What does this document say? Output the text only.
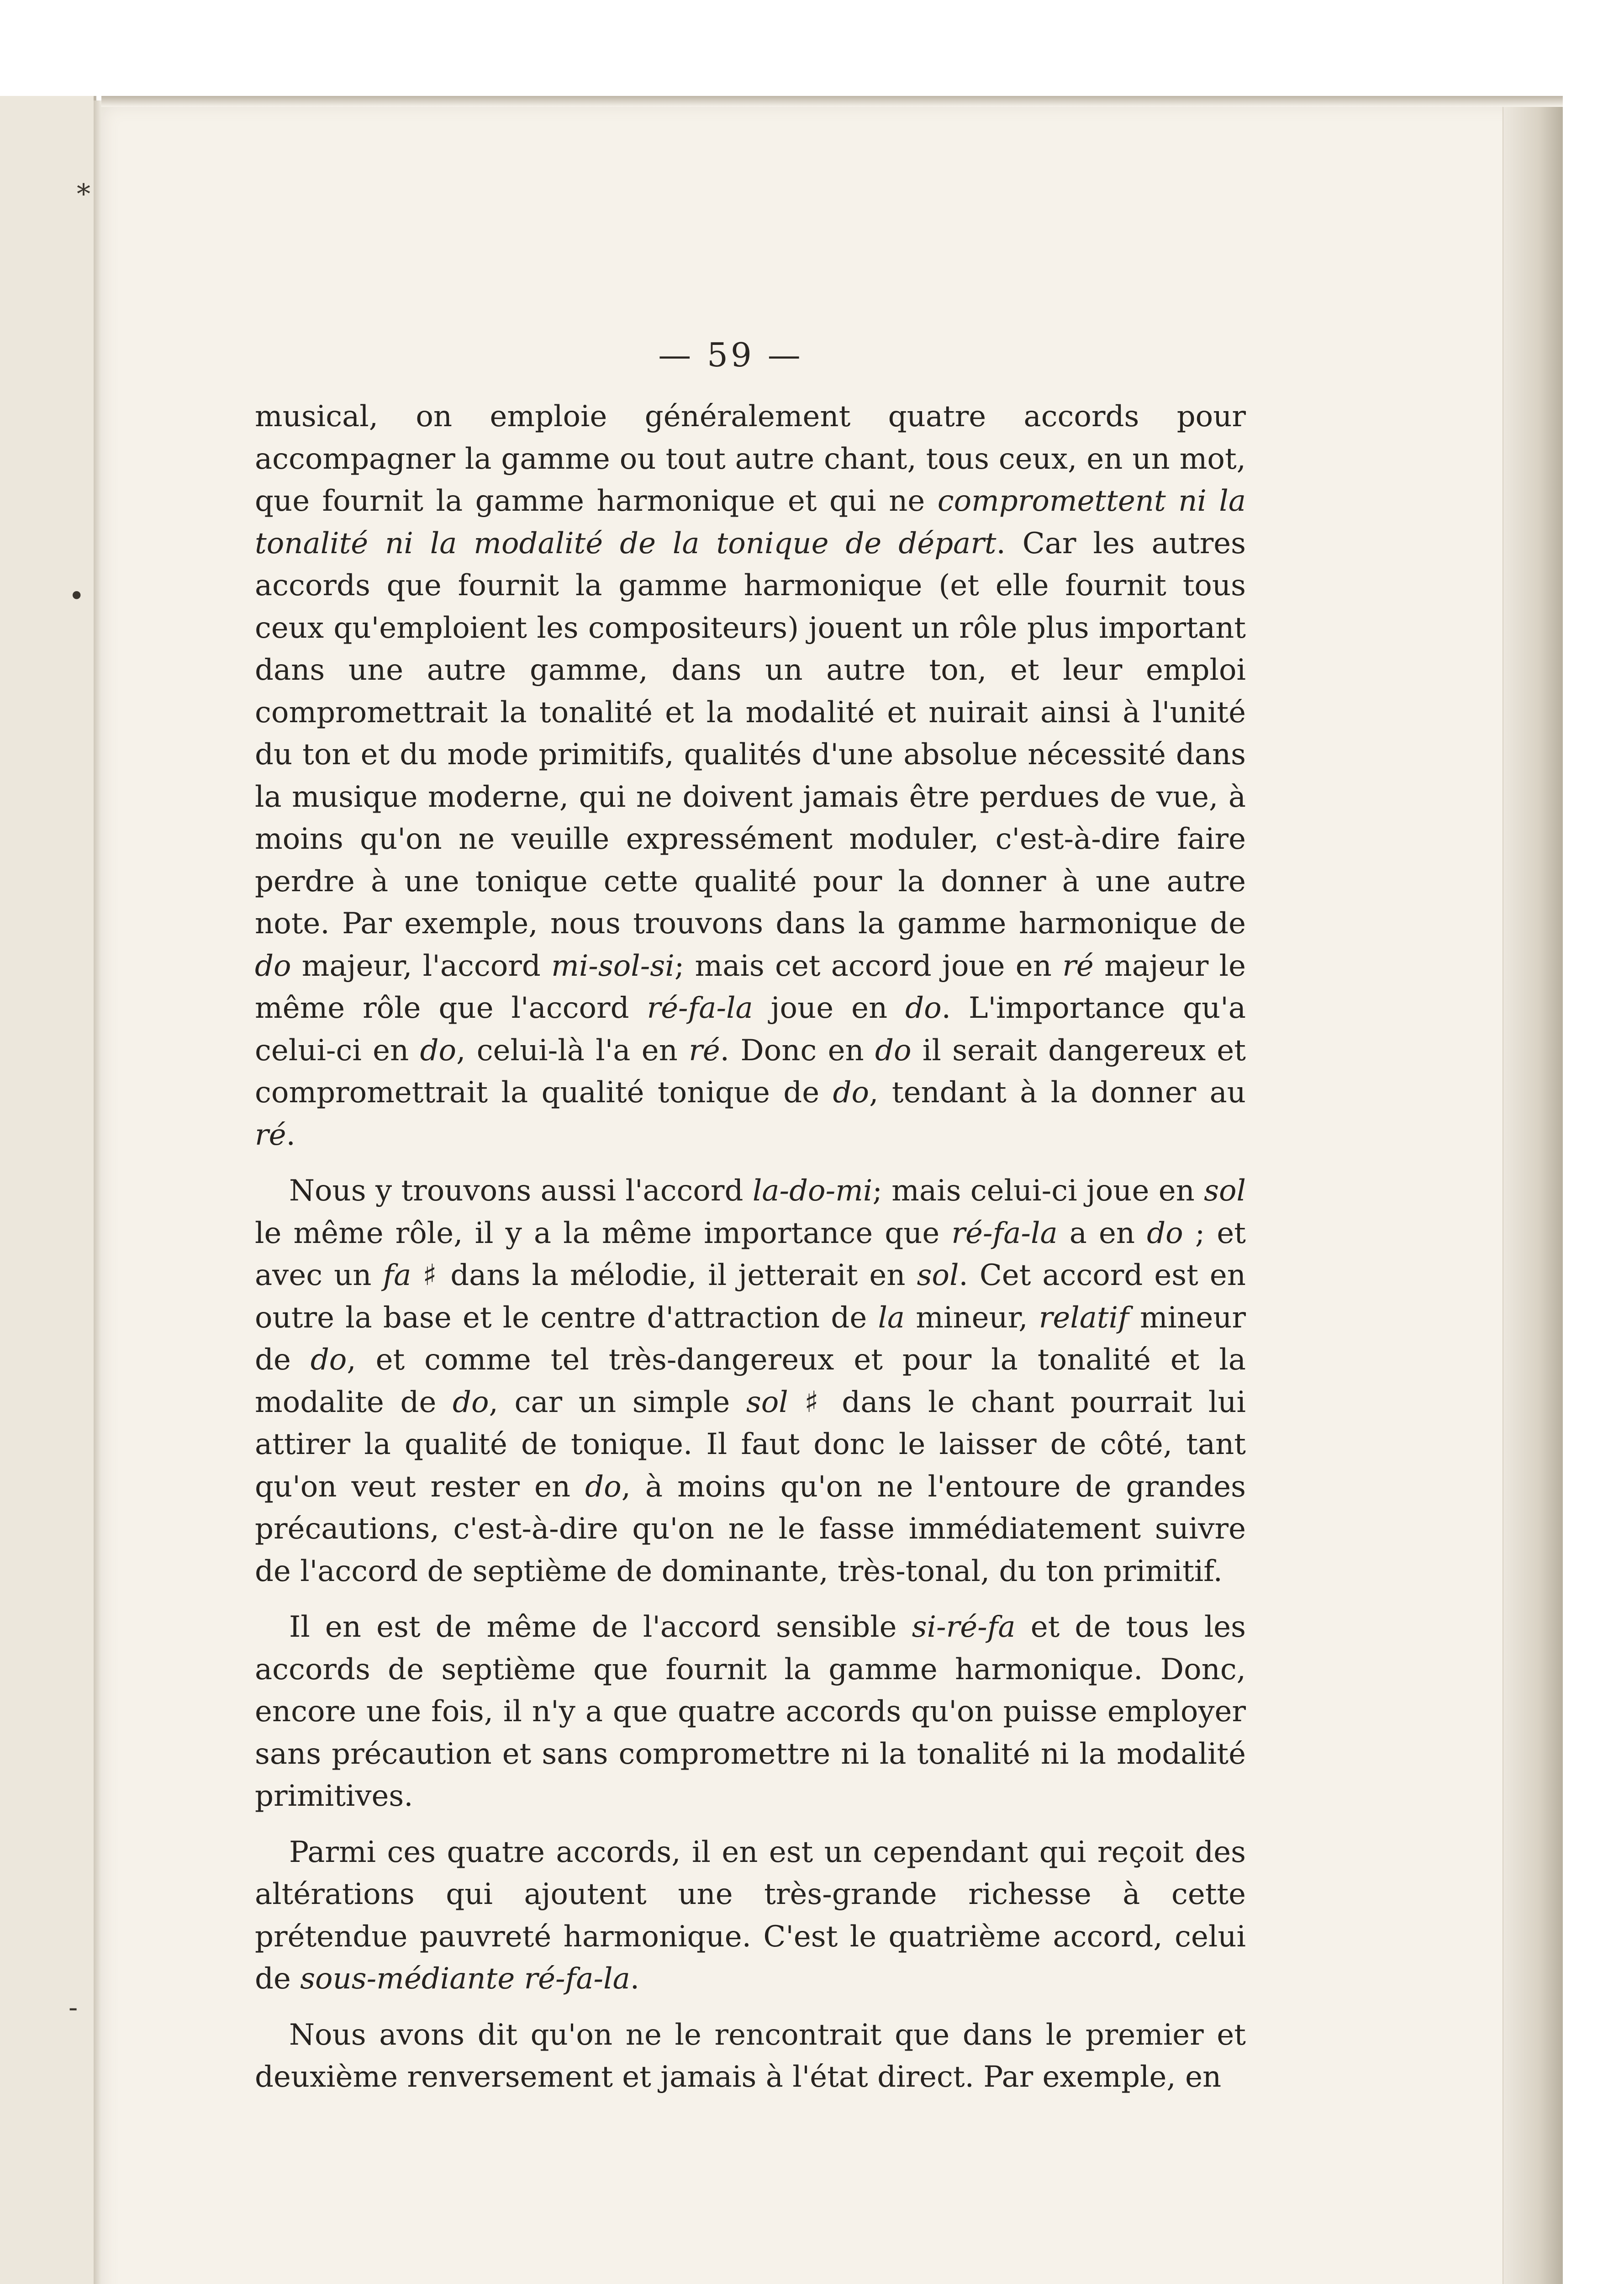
*
•
-
— 59 —

musical, on emploie généralement quatre accords pour accompagner la gamme ou tout autre chant, tous ceux, en un mot, que fournit la gamme harmonique et qui ne compromettent ni la tonalité ni la modalité de la tonique de départ. Car les autres accords que fournit la gamme harmonique (et elle fournit tous ceux qu'emploient les compositeurs) jouent un rôle plus important dans une autre gamme, dans un autre ton, et leur emploi compromettrait la tonalité et la modalité et nuirait ainsi à l'unité du ton et du mode primitifs, qualités d'une absolue nécessité dans la musique moderne, qui ne doivent jamais être perdues de vue, à moins qu'on ne veuille expressément moduler, c'est-à-dire faire perdre à une tonique cette qualité pour la donner à une autre note. Par exemple, nous trouvons dans la gamme harmonique de do majeur, l'accord mi-sol-si; mais cet accord joue en ré majeur le même rôle que l'accord ré-fa-la joue en do. L'importance qu'a celui-ci en do, celui-là l'a en ré. Donc en do il serait dangereux et compromettrait la qualité tonique de do, tendant à la donner au ré.

Nous y trouvons aussi l'accord la-do-mi; mais celui-ci joue en sol le même rôle, il y a la même importance que ré-fa-la a en do ; et avec un fa ♯ dans la mélodie, il jetterait en sol. Cet accord est en outre la base et le centre d'attraction de la mineur, relatif mineur de do, et comme tel très-dangereux et pour la tonalité et la modalite de do, car un simple sol ♯ dans le chant pourrait lui attirer la qualité de tonique. Il faut donc le laisser de côté, tant qu'on veut rester en do, à moins qu'on ne l'entoure de grandes précautions, c'est-à-dire qu'on ne le fasse immédiatement suivre de l'accord de septième de dominante, très-tonal, du ton primitif.

Il en est de même de l'accord sensible si-ré-fa et de tous les accords de septième que fournit la gamme harmonique. Donc, encore une fois, il n'y a que quatre accords qu'on puisse employer sans précaution et sans compromettre ni la tonalité ni la modalité primitives.

Parmi ces quatre accords, il en est un cependant qui reçoit des altérations qui ajoutent une très-grande richesse à cette prétendue pauvreté harmonique. C'est le quatrième accord, celui de sous-médiante ré-fa-la.

Nous avons dit qu'on ne le rencontrait que dans le premier et deuxième renversement et jamais à l'état direct. Par exemple, en
